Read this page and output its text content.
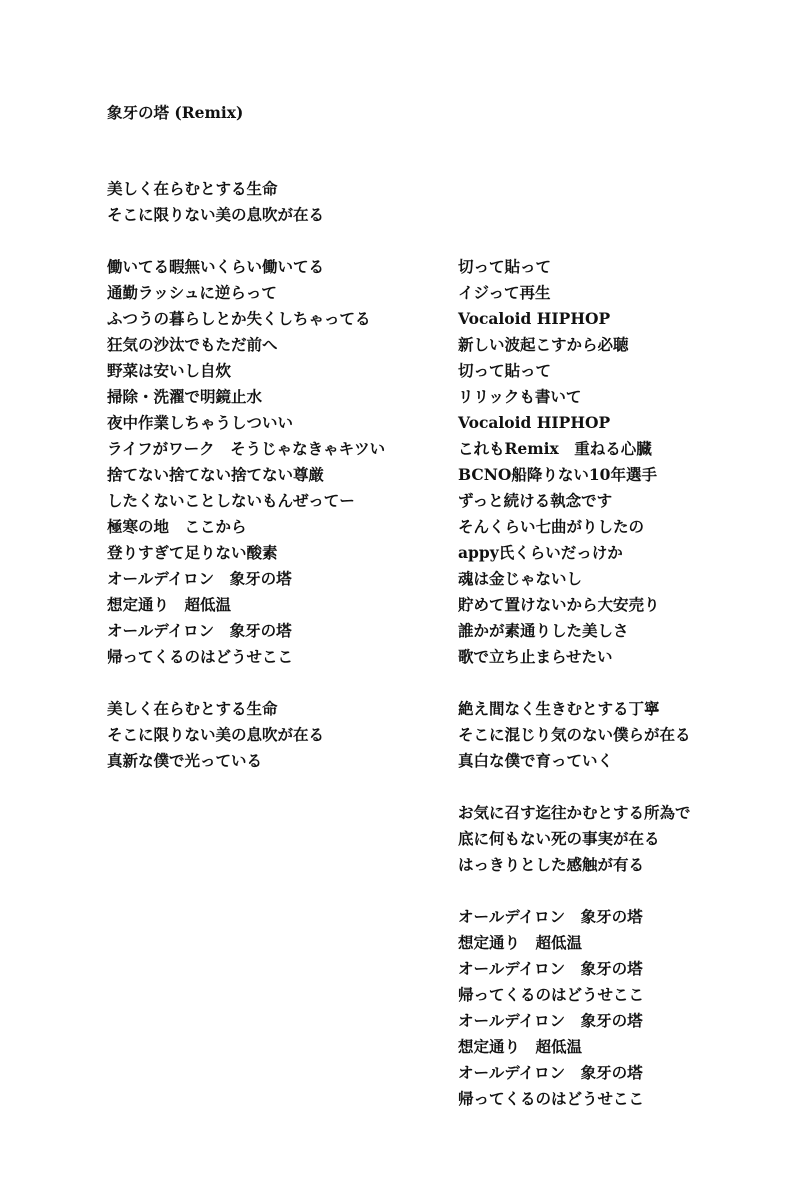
象牙の塔 (Remix)
美しく在らむとする生命
そこに限りない美の息吹が在る
働いてる暇無いくらい働いてる
通勤ラッシュに逆らって
ふつうの暮らしとか失くしちゃってる
狂気の沙汰でもただ前へ
野菜は安いし自炊
掃除・洗濯で明鏡止水
夜中作業しちゃうしついい
ライフがワーク　そうじゃなきゃキツい
捨てない捨てない捨てない尊厳
したくないことしないもんぜってー
極寒の地　ここから
登りすぎて足りない酸素
オールデイロン　象牙の塔
想定通り　超低温
オールデイロン　象牙の塔
帰ってくるのはどうせここ
美しく在らむとする生命
そこに限りない美の息吹が在る
真新な僕で光っている
切って貼って
イジって再生
Vocaloid HIPHOP
新しい波起こすから必聴
切って貼って
リリックも書いて
Vocaloid HIPHOP
これもRemix　重ねる心臓
BCNO船降りない10年選手
ずっと続ける執念です
そんくらい七曲がりしたの
appy氏くらいだっけか
魂は金じゃないし
貯めて置けないから大安売り
誰かが素通りした美しさ
歌で立ち止まらせたい
絶え間なく生きむとする丁寧
そこに混じり気のない僕らが在る
真白な僕で育っていく
お気に召す迄往かむとする所為で
底に何もない死の事実が在る
はっきりとした感触が有る
オールデイロン　象牙の塔
想定通り　超低温
オールデイロン　象牙の塔
帰ってくるのはどうせここ
オールデイロン　象牙の塔
想定通り　超低温
オールデイロン　象牙の塔
帰ってくるのはどうせここ
